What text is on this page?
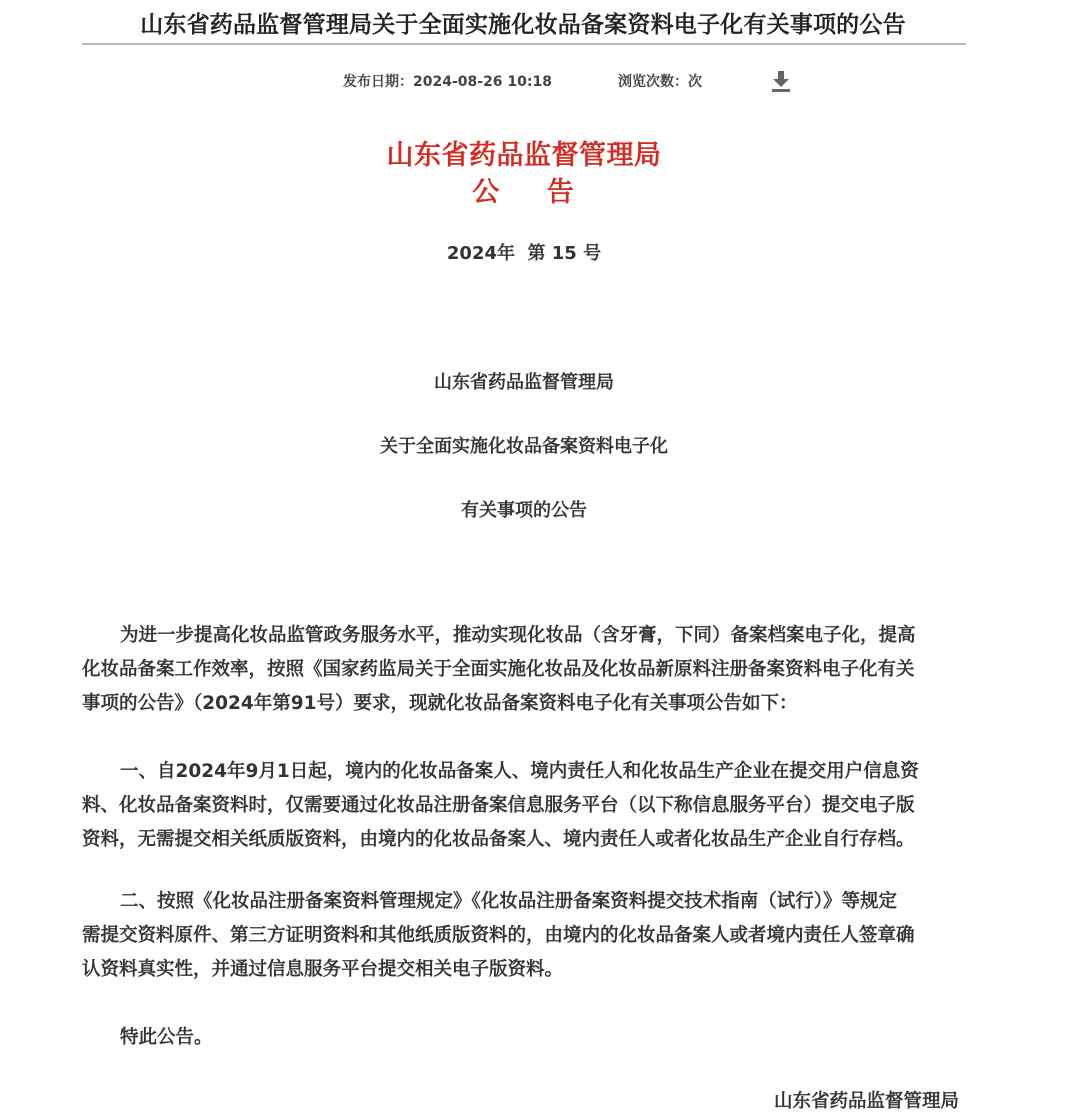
山东省药品监督管理局关于全面实施化妆品备案资料电子化有关事项的公告
发布日期：2024-08-26 10:18	浏览次数：次
山东省药品监督管理局
公    告
2024年  第 15 号
山东省药品监督管理局
关于全面实施化妆品备案资料电子化
有关事项的公告
为进一步提高化妆品监管政务服务水平，推动实现化妆品（含牙膏，下同）备案档案电子化，提高
化妆品备案工作效率，按照《国家药监局关于全面实施化妆品及化妆品新原料注册备案资料电子化有关
事项的公告》（2024年第91号）要求，现就化妆品备案资料电子化有关事项公告如下：
一、自2024年9月1日起，境内的化妆品备案人、境内责任人和化妆品生产企业在提交用户信息资
料、化妆品备案资料时，仅需要通过化妆品注册备案信息服务平台（以下称信息服务平台）提交电子版
资料，无需提交相关纸质版资料，由境内的化妆品备案人、境内责任人或者化妆品生产企业自行存档。
二、按照《化妆品注册备案资料管理规定》《化妆品注册备案资料提交技术指南（试行）》等规定
需提交资料原件、第三方证明资料和其他纸质版资料的，由境内的化妆品备案人或者境内责任人签章确
认资料真实性，并通过信息服务平台提交相关电子版资料。
特此公告。
山东省药品监督管理局
